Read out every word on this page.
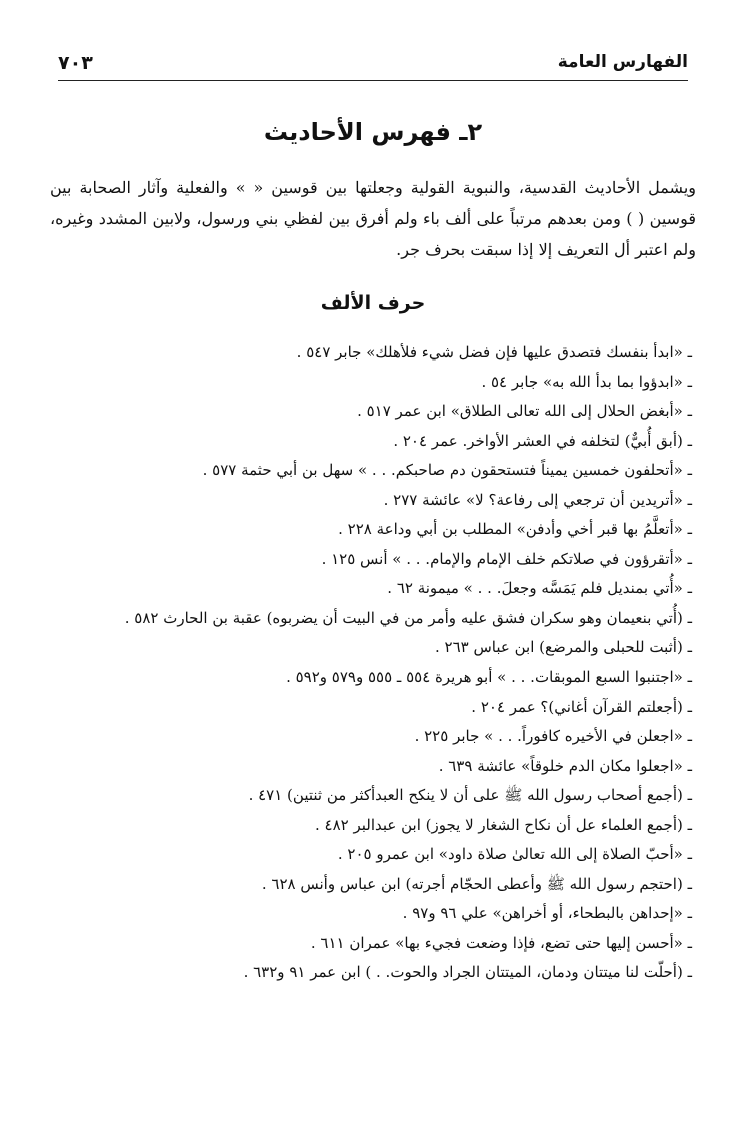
الفهارس العامة
٧٠٣
٢ـ فهرس الأحاديث

ويشمل الأحاديث القدسية، والنبوية القولية وجعلتها بين قوسين « » والفعلية وآثار الصحابة بين قوسين ( ) ومن بعدهم مرتباً على ألف باء ولم أفرق بين لفظي بني ورسول، ولابين المشدد وغيره، ولم اعتبر أل التعريف إلا إذا سبقت بحرف جر.

حرف الألف
ـ «ابدأ بنفسك فتصدق عليها فإن فضل شيء فلأهلك» جابر ٥٤٧ .
ـ «ابدؤوا بما بدأ الله به» جابر ٥٤ .
ـ «أبغض الحلال إلى الله تعالى الطلاق» ابن عمر ٥١٧ .
ـ (أبق أُبيٌّ) لتخلفه في العشر الأواخر. عمر ٢٠٤ .
ـ «أتحلفون خمسين يميناً فتستحقون دم صاحبكم. . . » سهل بن أبي حثمة ٥٧٧ .
ـ «أتريدين أن ترجعي إلى رفاعة؟ لا» عائشة ٢٧٧ .
ـ «أتعلَّمُ بها قبر أخي وأدفن» المطلب بن أبي وداعة ٢٢٨ .
ـ «أتقرؤون في صلاتكم خلف الإمام والإمام. . . » أنس ١٢٥ .
ـ «أُتي بمنديل فلم يَمَسَّه وجعلَ. . . » ميمونة ٦٢ .
ـ (أُتي بنعيمان وهو سكران فشق عليه وأمر من في البيت أن يضربوه) عقبة بن الحارث ٥٨٢ .
ـ (أثبت للحبلى والمرضع) ابن عباس ٢٦٣ .
ـ «اجتنبوا السبع الموبقات. . . » أبو هريرة ٥٥٤ ـ ٥٥٥ و٥٧٩ و٥٩٢ .
ـ (أجعلتم القرآن أغاني)؟ عمر ٢٠٤ .
ـ «اجعلن في الأخيره كافوراً. . . » جابر ٢٢٥ .
ـ «اجعلوا مكان الدم خلوقاً» عائشة ٦٣٩ .
ـ (أجمع أصحاب رسول الله ﷺ على أن لا ينكح العبدأكثر من ثنتين) ٤٧١ .
ـ (أجمع العلماء عل أن نكاح الشغار لا يجوز) ابن عبدالبر ٤٨٢ .
ـ «أحبّ الصلاة إلى الله تعالىٰ صلاة داود» ابن عمرو ٢٠٥ .
ـ (احتجم رسول الله ﷺ وأعطى الحجّام أجرته) ابن عباس وأنس ٦٢٨ .
ـ «إحداهن بالبطحاء، أو أخراهن» علي ٩٦ و٩٧ .
ـ «أحسن إليها حتى تضع، فإذا وضعت فجيء بها» عمران ٦١١ .
ـ (أحلّت لنا ميتتان ودمان، الميتتان الجراد والحوت. . ) ابن عمر ٩١ و٦٣٢ .
